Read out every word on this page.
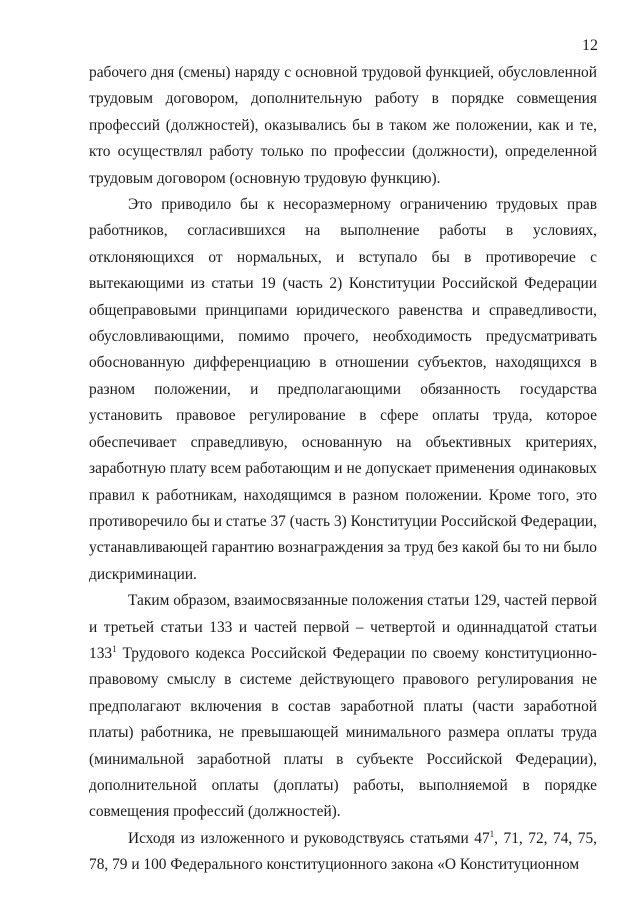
12

рабочего дня (смены) наряду с основной трудовой функцией, обусловленной трудовым договором, дополнительную работу в порядке совмещения профессий (должностей), оказывались бы в таком же положении, как и те, кто осуществлял работу только по профессии (должности), определенной трудовым договором (основную трудовую функцию).

Это приводило бы к несоразмерному ограничению трудовых прав работников, согласившихся на выполнение работы в условиях, отклоняющихся от нормальных, и вступало бы в противоречие с вытекающими из статьи 19 (часть 2) Конституции Российской Федерации общеправовыми принципами юридического равенства и справедливости, обусловливающими, помимо прочего, необходимость предусматривать обоснованную дифференциацию в отношении субъектов, находящихся в разном положении, и предполагающими обязанность государства установить правовое регулирование в сфере оплаты труда, которое обеспечивает справедливую, основанную на объективных критериях, заработную плату всем работающим и не допускает применения одинаковых правил к работникам, находящимся в разном положении. Кроме того, это противоречило бы и статье 37 (часть 3) Конституции Российской Федерации, устанавливающей гарантию вознаграждения за труд без какой бы то ни было дискриминации.

Таким образом, взаимосвязанные положения статьи 129, частей первой и третьей статьи 133 и частей первой – четвертой и одиннадцатой статьи $133^1$ Трудового кодекса Российской Федерации по своему конституционно-правовому смыслу в системе действующего правового регулирования не предполагают включения в состав заработной платы (части заработной платы) работника, не превышающей минимального размера оплаты труда (минимальной заработной платы в субъекте Российской Федерации), дополнительной оплаты (доплаты) работы, выполняемой в порядке совмещения профессий (должностей).

Исходя из изложенного и руководствуясь статьями $47^1$, 71, 72, 74, 75, 78, 79 и 100 Федерального конституционного закона «О Конституционном
